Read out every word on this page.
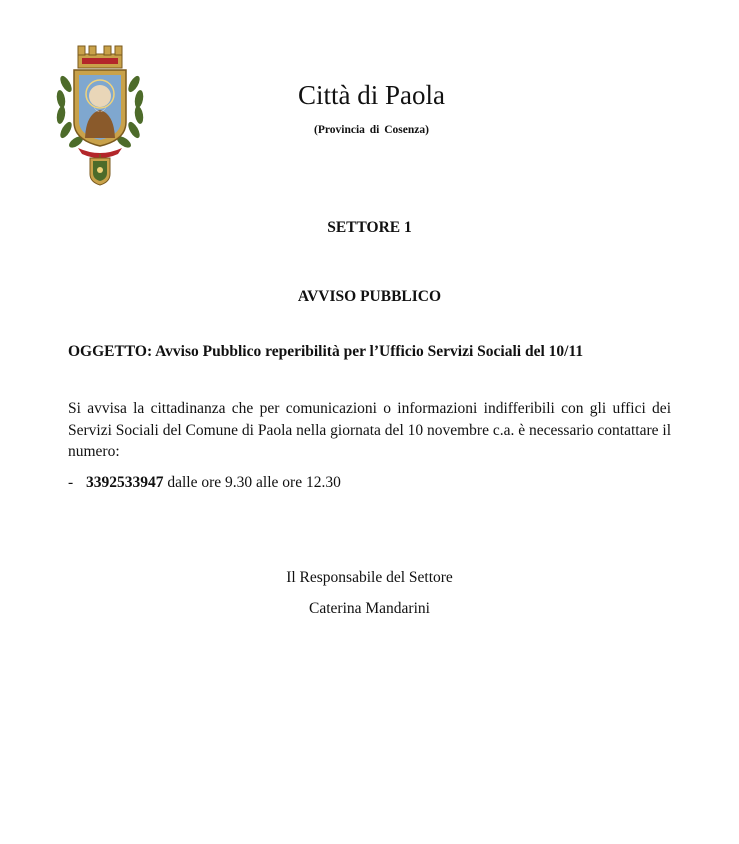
Città di Paola
(Provincia di Cosenza)
SETTORE 1
AVVISO PUBBLICO
OGGETTO: Avviso Pubblico reperibilità per l’Ufficio Servizi Sociali del 10/11
Si avvisa la cittadinanza che per comunicazioni o informazioni indifferibili con gli uffici dei Servizi Sociali del Comune di Paola nella giornata del 10 novembre c.a. è necessario contattare il numero:
- 3392533947 dalle ore 9.30 alle ore 12.30
Il Responsabile del Settore
Caterina Mandarini
